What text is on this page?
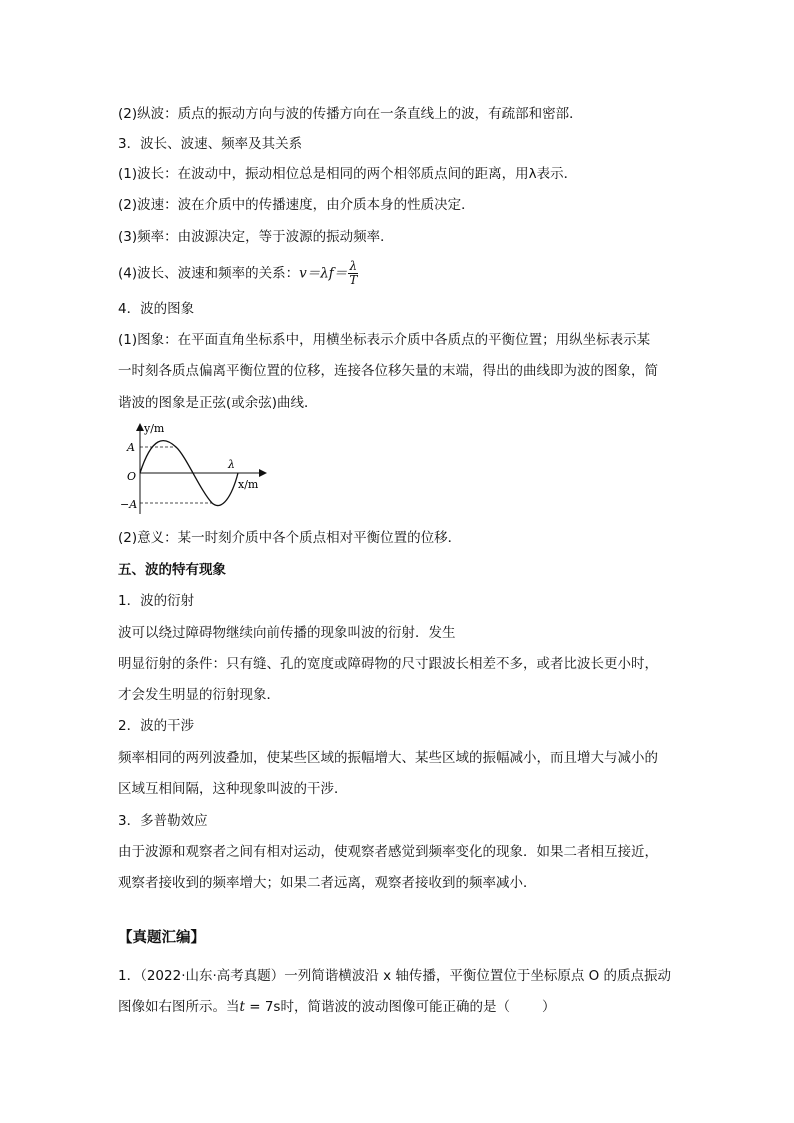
(2)纵波：质点的振动方向与波的传播方向在一条直线上的波，有疏部和密部．
3．波长、波速、频率及其关系
(1)波长：在波动中，振动相位总是相同的两个相邻质点间的距离，用λ表示．
(2)波速：波在介质中的传播速度，由介质本身的性质决定．
(3)频率：由波源决定，等于波源的振动频率．
(4)波长、波速和频率的关系：$v=\lambda f= \frac{\lambda}{T}$
4．波的图象
(1)图象：在平面直角坐标系中，用横坐标表示介质中各质点的平衡位置；用纵坐标表示某
一时刻各质点偏离平衡位置的位移，连接各位移矢量的末端，得出的曲线即为波的图象，简
谐波的图象是正弦(或余弦)曲线．
y/m
A
O
−A
λ
x/m
(2)意义：某一时刻介质中各个质点相对平衡位置的位移．
五、波的特有现象
1．波的衍射
波可以绕过障碍物继续向前传播的现象叫波的衍射．发生
明显衍射的条件：只有缝、孔的宽度或障碍物的尺寸跟波长相差不多，或者比波长更小时，
才会发生明显的衍射现象．
2．波的干涉
频率相同的两列波叠加，使某些区域的振幅增大、某些区域的振幅减小，而且增大与减小的
区域互相间隔，这种现象叫波的干涉．
3．多普勒效应
由于波源和观察者之间有相对运动，使观察者感觉到频率变化的现象．如果二者相互接近，
观察者接收到的频率增大；如果二者远离，观察者接收到的频率减小．
【真题汇编】
1．（2022·山东·高考真题）一列简谐横波沿 x 轴传播，平衡位置位于坐标原点 O 的质点振动
图像如右图所示。当t = 7s时，简谐波的波动图像可能正确的是（ ）
